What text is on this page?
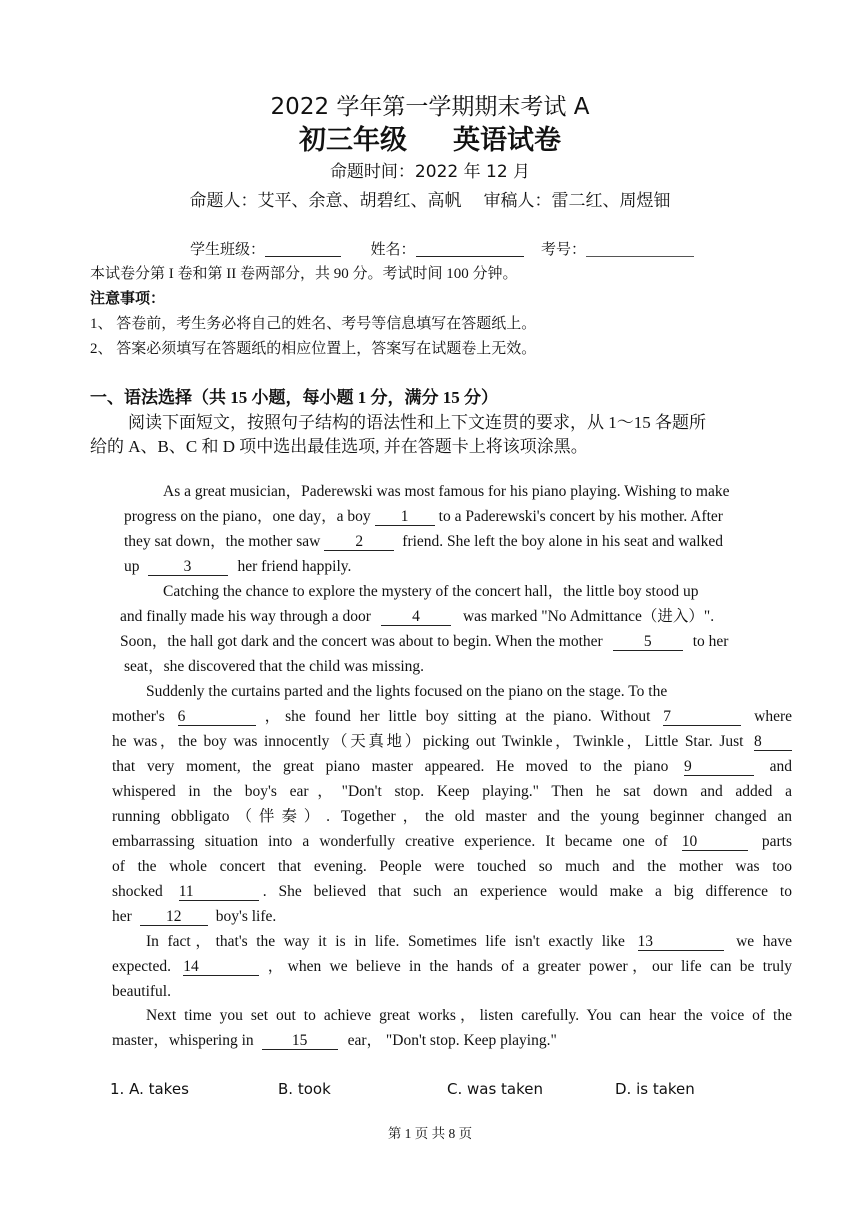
2022 学年第一学期期末考试 A
初三年级 英语试卷
命题时间：2022 年 12 月
命题人：艾平、余意、胡碧红、高帆 审稿人：雷二红、周煜钿
学生班级：	姓名：	考号：
本试卷分第 I 卷和第 II 卷两部分，共 90 分。考试时间 100 分钟。
注意事项：
1、 答卷前，考生务必将自己的姓名、考号等信息填写在答题纸上。
2、 答案必须填写在答题纸的相应位置上，答案写在试题卷上无效。
一、语法选择（共 15 小题，每小题 1 分，满分 15 分）
阅读下面短文，按照句子结构的语法性和上下文连贯的要求，从 1～15 各题所
给的 A、B、C 和 D 项中选出最佳选项, 并在答题卡上将该项涂黑。
As a great musician，Paderewski was most famous for his piano playing. Wishing to make
progress on the piano，one day，a boy 1 to a Paderewski's concert by his mother. After
they sat down，the mother saw 2	friend. She left the boy alone in his seat and walked
up	3	her friend happily.
Catching the chance to explore the mystery of the concert hall，the little boy stood up
and finally made his way through a door	4	was marked "No Admittance（进入）".
Soon，the hall got dark and the concert was about to begin. When the mother	5	to her
seat，she discovered that the child was missing.
Suddenly the curtains parted and the lights focused on the piano on the stage. To the
mother's 6	，she found her little boy sitting at the piano. Without 7	where
he was，the boy was innocently（天真地）picking out Twinkle，Twinkle，Little Star. Just 8
that very moment, the great piano master appeared. He moved to the piano 9	and
whispered in the boy's ear，"Don't stop. Keep playing." Then he sat down and added a
running obbligato（伴奏）. Together，the old master and the young beginner changed an
embarrassing situation into a wonderfully creative experience. It became one of 10	parts
of the whole concert that evening. People were touched so much and the mother was too
shocked 11	. She believed that such an experience would make a big difference to
her 12 boy's life.
In fact，that's the way it is in life. Sometimes life isn't exactly like 13	we have
expected. 14	，when we believe in the hands of a greater power，our life can be truly
beautiful.
Next time you set out to achieve great works，listen carefully. You can hear the voice of the
master，whispering in 15	ear， "Don't stop. Keep playing."
1. A. takes	B. took	C. was taken	D. is taken
第 1 页 共 8 页
